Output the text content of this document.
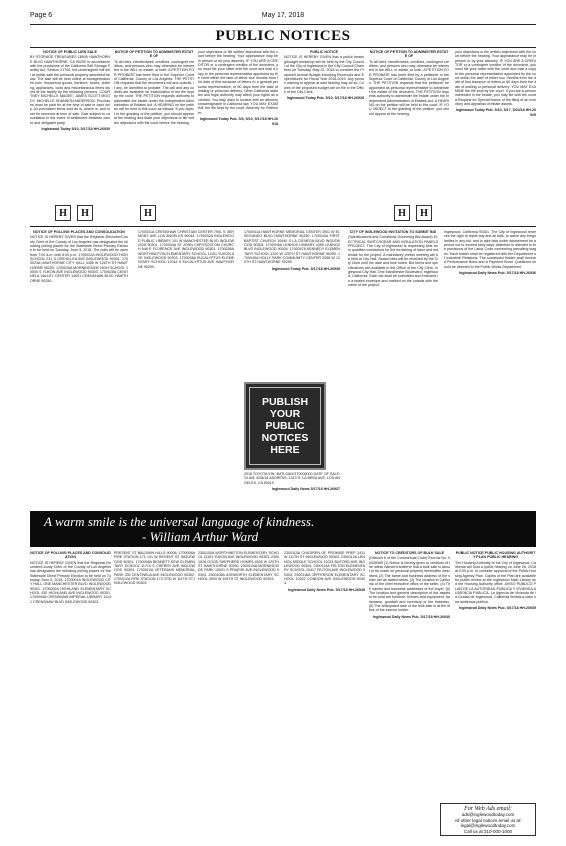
Page 6	May 17, 2018
PUBLIC NOTICES
NOTICE OF PUBLIC LIEN SALE

BY STORAGE TREASURES 18905 HAWTHORNE BLVD HAWTHORNE, CA 90250 In accordance with the provisions of the California Self Storage Facility Act, Section 21700, the undersigned will sell at public sale the personal property described below. The sale will be held online at storagetreasures.com. Household goods, furniture, boxes, clothing, appliances, tools and miscellaneous items stored at the facility by the following persons. COURTNEY MICHELLE MAGEE, JAMES SCOTT MOODY, MICHELLE SHANNON ANDERSON. Purchases must be paid for at the time of sale in cash only. All purchased items sold as is, where is, and must be removed at time of sale. Sale subject to cancellation in the event of settlement between owner and obligated party.

Inglewood Today 5/10, 5/17/18 HH-26930
NOTICE OF PETITION TO ADMINISTER ESTATE OF

To all heirs, beneficiaries, creditors, contingent creditors, and persons who may otherwise be interested in the WILL or estate, or both. A PETITION FOR PROBATE has been filed in the Superior Court of California, County of Los Angeles. THE PETITION requests that the decedent's will and codicils, if any, be admitted to probate. The will and any codicils are available for examination in the file kept by the court. THE PETITION requests authority to administer the estate under the Independent Administration of Estates Act. A HEARING on the petition will be held in this court as follows. If you object to the granting of the petition, you should appear at the hearing and state your objections or file written objections with the court before the hearing.

your objections or file written objections with the court before the hearing. Your appearance may be in person or by your attorney. IF YOU ARE A CREDITOR or a contingent creditor of the decedent, you must file your claim with the court and mail a copy to the personal representative appointed by the court within the later of either four months from the date of first issuance of letters to a general personal representative, or 60 days from the date of mailing or personal delivery. Other California statutes and legal authority may affect your rights as a creditor. You may want to consult with an attorney knowledgeable in California law. YOU MAY EXAMINE the file kept by the court. Attorney for Petitioner.

Inglewood Today Pub. 5/3, 5/10, 5/17/18 HH-26918
PUBLIC NOTICE

NOTICE IS HEREBY GIVEN that a public hearing/budget workshop will be held by the City Council of the City of Inglewood in the City Council Chambers on Tuesday, May 22, 2018 to consider the Proposed Annual Budget including Revenues and Expenditures for Fiscal Year 2018-2019. Any person wishing to appear at said hearing may do so. Copies of the proposed budget are on file in the Office of the City Clerk.

Inglewood Today Pub. 5/10, 5/17/18 HH-26928
NOTICE OF PETITION TO ADMINISTER ESTATE OF

To all heirs, beneficiaries, creditors, contingent creditors, and persons who may otherwise be interested in the WILL or estate, or both. A PETITION FOR PROBATE has been filed by a petitioner in the Superior Court of California, County of Los Angeles. THE PETITION requests that the petitioner be appointed as personal representative to administer the estate of the decedent. THE PETITION requests authority to administer the estate under the Independent Administration of Estates Act. A HEARING on the petition will be held in this court. IF YOU OBJECT to the granting of the petition, you should appear at the hearing.

your objections or file written objections with the court before the hearing. Your appearance may be in person or by your attorney. IF YOU ARE A CREDITOR or a contingent creditor of the decedent, you must file your claim with the court and mail a copy to the personal representative appointed by the court within the later of either four months from the date of first issuance of letters or 60 days from the date of mailing or personal delivery. YOU MAY EXAMINE the file kept by the court. If you are a person interested in the estate, you may file with the court a Request for Special Notice of the filing of an inventory and appraisal of estate assets.

Inglewood Today Pub. 5/10, 5/17, 5/24/18 HH-26929
H	H	H	H	H
NOTICE OF POLLING PLACES AND CONSOLIDATION

NOTICE IS HEREBY GIVEN that the Registrar-Recorder/County Clerk of the County of Los Angeles has designated the following polling places for the Statewide Direct Primary Election to be held on Tuesday, June 5, 2018. The polls will be open from 7:00 a.m. until 8:00 p.m. 1700022A INGLEWOOD HIGH SCHOOL 231 S GREVILLEA AVE INGLEWOOD 90301. 1700023A HAWTHORNE CITY HALL 4455 W 126TH ST HAWTHORNE 90250. 1700025A MORNINGSIDE HIGH SCHOOL 10500 S YUKON AVE INGLEWOOD 90303. 1700028A CENTINELA VALLEY CENTER 14001 CRENSHAW BLVD HAWTHORNE 90250.

1700031A CRENSHAW CHRISTIAN CENTER 7901 S VERMONT AVE LOS ANGELES 90044. 1700032A INGLEWOOD PUBLIC LIBRARY 101 W MANCHESTER BLVD INGLEWOOD 90301. 1700034A ST JOHN CHRYSOSTOM CHURCH 546 E FLORENCE AVE INGLEWOOD 90301. 1700036A WORTHINGTON ELEMENTARY SCHOOL 11101 YUKON AVE INGLEWOOD 90303. 1700038A EUCALYPTUS ELEMENTARY SCHOOL 12044 S EUCALYPTUS AVE HAWTHORNE 90250.

1700041A HAWTHORNE MEMORIAL CENTER 3901 W EL SEGUNDO BLVD HAWTHORNE 90250. 1700043A FIRST BAPTIST CHURCH 10940 S LA CIENEGA BLVD INGLEWOOD 90304. 1700045A LENNOX LIBRARY 4359 LENNOX BLVD INGLEWOOD 90304. 1700047A KENNEDY ELEMENTARY SCHOOL 1320 W 125TH ST HAWTHORNE 90250. 1700049A HOLLY PARK COMMUNITY CENTER 2058 W 120TH ST HAWTHORNE 90250.

Inglewood Today Pub. 5/17/18 HH-26939

2016 TOYOTA VIN: 3MTLSAIXGT0000000 DATE OF SALE: 10 AM, 5/28/18 ADDRESS: 1313 S. LA BREA AVE, LOS ANGELES, CA 90019

Inglewood Daily News 5/17/18 HH-26937
CITY OF INGLEWOOD INVITATION TO SUBMIT BID

(Specifications and Conditions Governing Bid Award) ELECTRICAL SWITCHGEAR AND INSULATION PANELS PROJECT. The City of Inglewood is requesting bids from qualified contractors for the furnishing of labor and materials for the project. A mandatory prebid meeting will be held at City Hall. Sealed bids will be received by the City Clerk until the date and time noted. Bid forms and specifications are available in the Office of the City Clerk, Inglewood City Hall, One Manchester Boulevard, Inglewood, California. Each bid shall be submitted and enclosed in a sealed envelope and marked on the outside with the name of the project.

Inglewood, California 90301. The City of Inglewood reserves the right to reject any and all bids, to waive any irregularities in any bid, and to take bids under advisement for a period not to exceed sixty days. Attention is directed to the provisions of the Labor Code concerning prevailing wages. Each bidder shall be registered with the Department of Industrial Relations. The successful bidder shall furnish a Performance Bond and a Payment Bond. Questions should be directed to the Public Works Department.

Inglewood Daily News Pub. 5/17/18 HH-26936
PUBLISH
YOUR
PUBLIC
NOTICES
HERE
A warm smile is the universal language of kindness.
- William Arthur Ward
NOTICE OF POLLING PLACES AND CONSOLIDATION

NOTICE IS HEREBY GIVEN that the Registrar-Recorder/County Clerk of the County of Los Angeles has designated the following polling places for the Statewide Direct Primary Election to be held on Tuesday, June 5, 2018. 1700001A INGLEWOOD CITY HALL ONE MANCHESTER BLVD INGLEWOOD 90301. 1700002A HIGHLAND ELEMENTARY SCHOOL 430 HIGHLAND AVE INGLEWOOD 90301. 1700004A CRENSHAW-IMPERIAL LIBRARY 11141 CRENSHAW BLVD INGLEWOOD 90303.

PRESENT ST BALDWIN HILLS 90008. 1700006A FIRE STATION 171 141 W REGENT ST INGLEWOOD 90301. 1700008A BENNETT-KEW ELEMENTARY SCHOOL 11710 S CHERRY AVE INGLEWOOD 90303. 1700010A VETERANS MEMORIAL PARK 330 CENTINELA AVE INGLEWOOD 90302. 1700012A FIRE STATION 173 3700 W 111TH ST INGLEWOOD 90303.

2300100A WORTHINGTON ELEMENTARY SCHOOL 11101 YUKON AVE INGLEWOOD 90303. 2300102A GOOD SHEPHERD HOMES 4525 W 120TH ST HAWTHORNE 90250. 2300104A MORNINGSIDE PARK 10001 S PRAIRIE AVE INGLEWOOD 90303. 2300106A ASHWORTH ELEMENTARY SCHOOL 3000 W 105TH ST INGLEWOOD 90303.

2300110A CHILDREN OF PROMISE PREP 3411 W 111TH ST INGLEWOOD 90303. 2300112A LENNOX MIDDLE SCHOOL 11033 BUFORD AVE INGLEWOOD 90304. 2300114A FELTON ELEMENTARY SCHOOL 10417 FELTON AVE INGLEWOOD 90304. 2300116A JEFFERSON ELEMENTARY SCHOOL 10322 CONDON AVE INGLEWOOD 90304.

Inglewood Daily News Pub. 5/17/18 HH-26938
NOTICE TO CREDITORS OF BULK SALE

(Division 6 of the Commercial Code) Escrow No. 00026989 (1) Notice is hereby given to creditors of the within named transferor that a bulk sale is about to be made on personal property hereinafter described. (2) The name and business address of the seller are as stated below. (3) The location in California of the chief executive office of the seller. (4) The names and business addresses of the buyer. (5) The location and general description of the assets to be sold are furniture, fixtures and equipment, tradename, goodwill and inventory of the business. (6) The anticipated date of the bulk sale is at the office of the escrow holder.

Inglewood Daily News Pub. 5/17/18 HH-26940
PUBLIC NOTICE PUBLIC HOUSING AUTHORITY PLAN PUBLIC HEARING

The Housing Authority of the City of Inglewood, California will hold a public hearing on June 26, 2018 at 2:00 p.m. to consider approval of the Public Housing Agency Plan. Copies of the Plan are available for public review at the Inglewood Main Library and the Housing Authority office. AVISO PUBLICO PLAN DE LA AUTORIDAD PUBLICA Y VIVIENDA AUDIENCIA PUBLICA. La Agencia de Vivienda de la Ciudad de Inglewood, California llevara a cabo una audiencia publica.

Inglewood Daily News Pub. 5/17/18 HH-26935
For Web Ads email:
ads@inglewoodtoday.com
All other legal notices email us at:
legal@inglewoodtoday.com
Call us at 310-000-1000
